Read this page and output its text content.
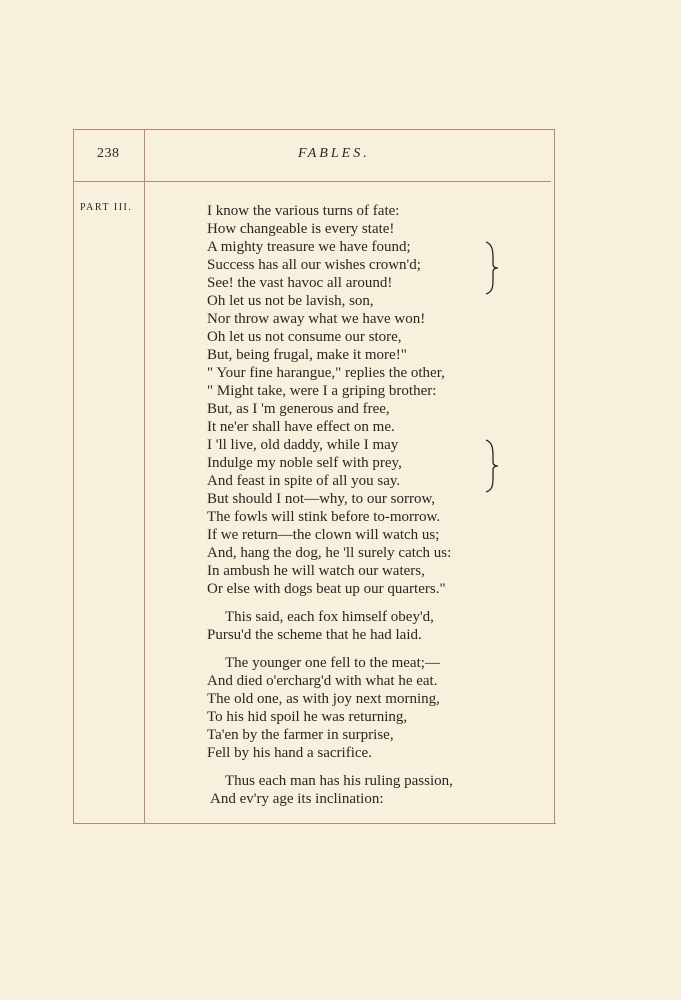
238	FABLES.
PART III.	I know the various turns of fate:
How changeable is every state!
A mighty treasure we have found;
Success has all our wishes crown'd;
See! the vast havoc all around!
Oh let us not be lavish, son,
Nor throw away what we have won!
Oh let us not consume our store,
But, being frugal, make it more!"
" Your fine harangue," replies the other,
" Might take, were I a griping brother:
But, as I 'm generous and free,
It ne'er shall have effect on me.
I 'll live, old daddy, while I may
Indulge my noble self with prey,
And feast in spite of all you say.
But should I not—why, to our sorrow,
The fowls will stink before to-morrow.
If we return—the clown will watch us;
And, hang the dog, he 'll surely catch us:
In ambush he will watch our waters,
Or else with dogs beat up our quarters."
This said, each fox himself obey'd,
Pursu'd the scheme that he had laid.
The younger one fell to the meat;—
And died o'ercharg'd with what he eat.
The old one, as with joy next morning,
To his hid spoil he was returning,
Ta'en by the farmer in surprise,
Fell by his hand a sacrifice.
Thus each man has his ruling passion,
And ev'ry age its inclination:
